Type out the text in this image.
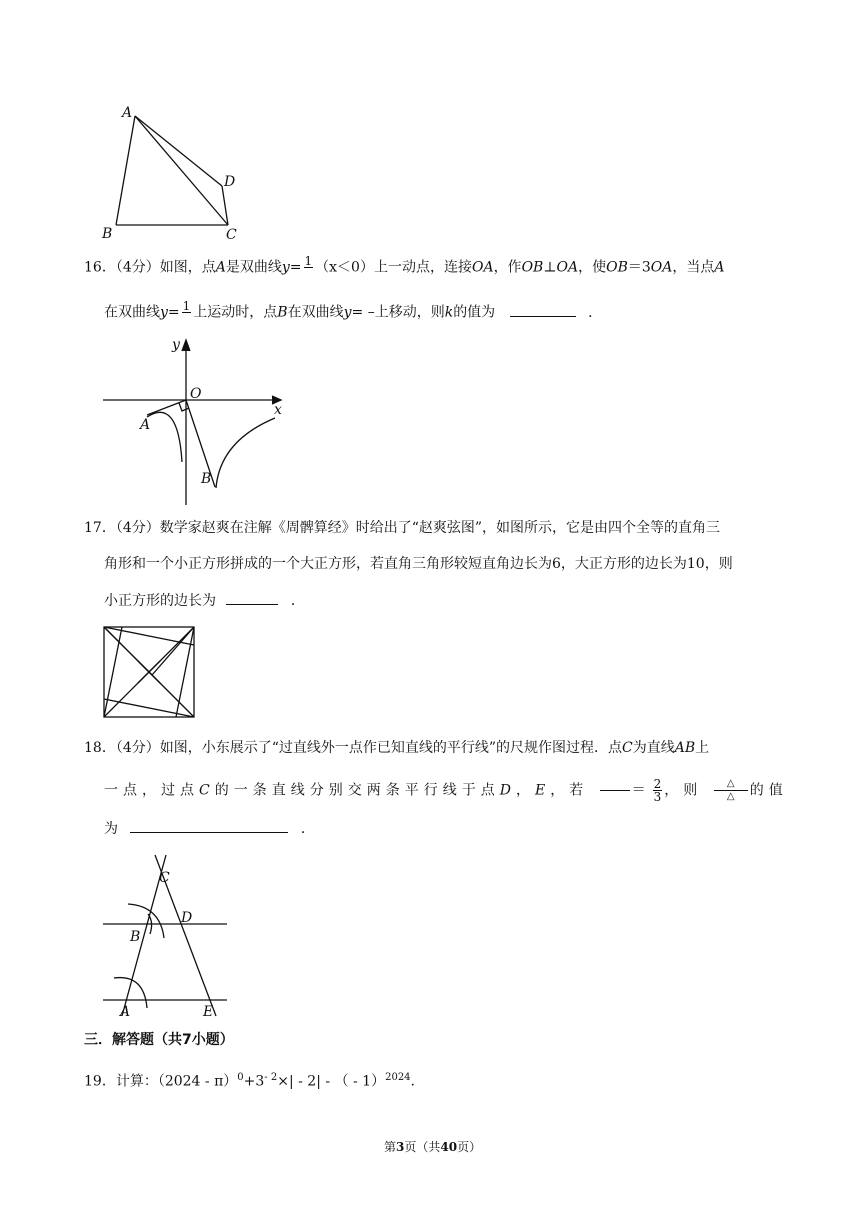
A
D
B	C
16．（4分）如图，点A是双曲线y= 1
（x＜0）上一动点，连接OA，作OB⊥OA，使OB＝3OA，当点A
在双曲线y= 1
上运动时，点B在双曲线y= –上移动，则k的值为	．
y
O
x
A
B
17．（4分）数学家赵爽在注解《周髀算经》时给出了“赵爽弦图”，如图所示，它是由四个全等的直角三
角形和一个小正方形拼成的一个大正方形，若直角三角形较短直角边长为6，大正方形的边长为10，则
小正方形的边长为	．
18．（4分）如图，小东展示了“过直线外一点作已知直线的平行线”的尺规作图过程．点C为直线AB上
一点，过点C的一条直线分别交两条平行线于点D，E，若

	＝ $\frac{2}{3}$ ，则 $\frac{\triangle}{\triangle}$ 的值
为	．
C
D
B
A	E
三．解答题（共7小题）
19．计算：$(2024 - \pi)^0+3^{- 2}\times| - 2|$ - （ - 1）$^{2024}$.
第3页（共40页）
